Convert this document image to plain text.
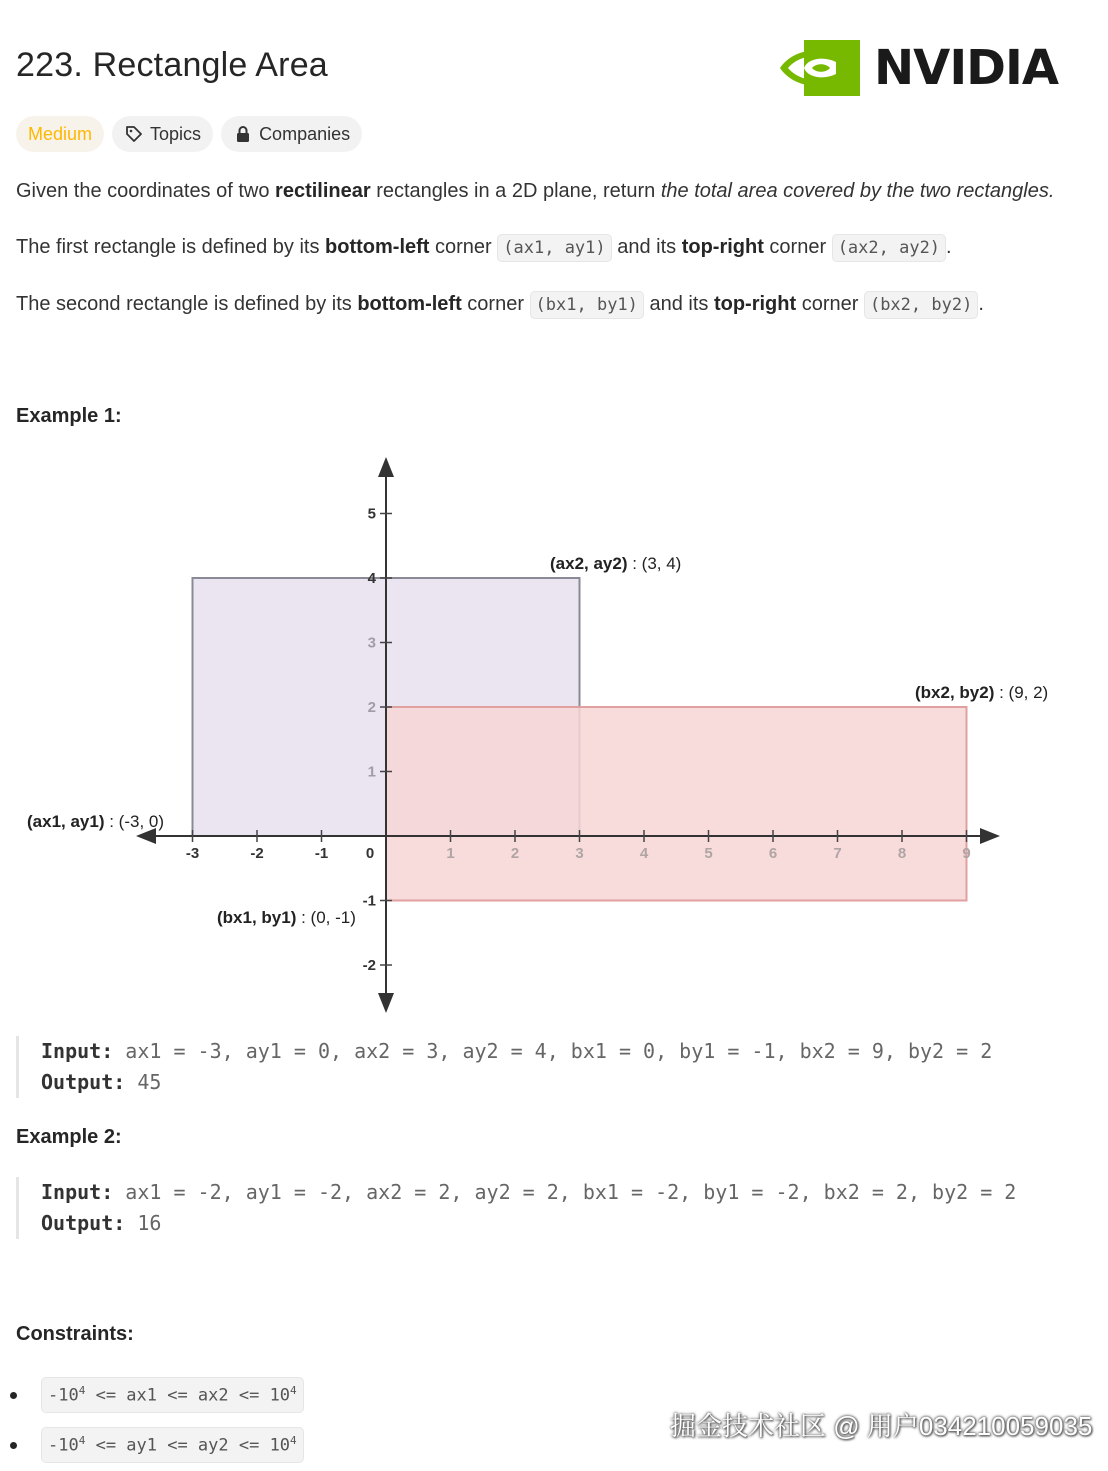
223. Rectangle Area	NVIDIA
Medium	Topics	Companies
Given the coordinates of two rectilinear rectangles in a 2D plane, return the total area covered by the two rectangles.
The first rectangle is defined by its bottom-left corner (ax1, ay1) and its top-right corner (ax2, ay2) .
The second rectangle is defined by its bottom-left corner (bx1, by1) and its top-right corner (bx2, by2) .
Example 1:
-3	-2	-1	0	1	2	3	4	5	6	7	8	9
-2
-1
1
2
3
4
5
(ax2, ay2) : (3, 4)
(bx2, by2) : (9, 2)
(ax1, ay1) : (-3, 0)
(bx1, by1) : (0, -1)
Input: ax1 = -3, ay1 = 0, ax2 = 3, ay2 = 4, bx1 = 0, by1 = -1, bx2 = 9, by2 = 2
Output: 45
Example 2:
Input: ax1 = -2, ay1 = -2, ax2 = 2, ay2 = 2, bx1 = -2, by1 = -2, bx2 = 2, by2 = 2
Output: 16
Constraints:
$-10^4 <= ax1 <= ax2 <= 10^4$
$-10^4 <= ay1 <= ay2 <= 10^4$	掘金技术社区 @ 用户034210059035
